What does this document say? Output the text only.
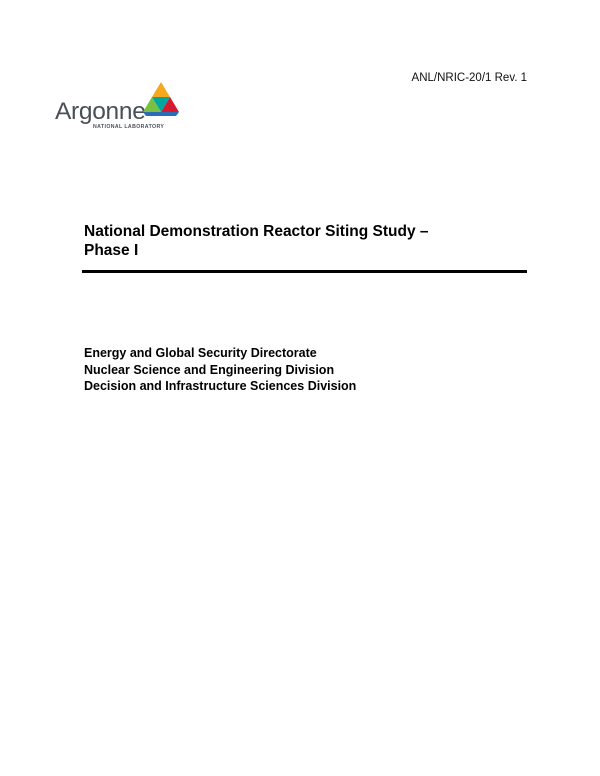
ANL/NRIC-20/1 Rev. 1
Argonne
NATIONAL LABORATORY
National Demonstration Reactor Siting Study –
Phase I
Energy and Global Security Directorate
Nuclear Science and Engineering Division
Decision and Infrastructure Sciences Division
